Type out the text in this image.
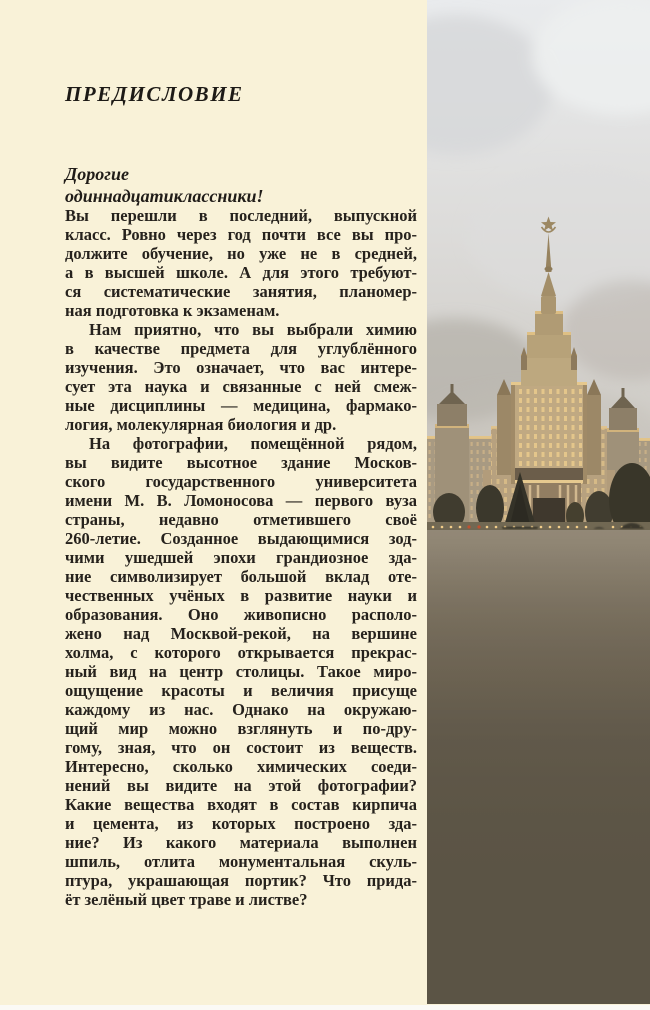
ПРЕДИСЛОВИЕ
Дорогие
одиннадцатиклассники!
Вы перешли в последний, выпускной
класс. Ровно через год почти все вы про-
должите обучение, но уже не в средней,
а в высшей школе. А для этого требуют-
ся систематические занятия, планомер-
ная подготовка к экзаменам.
Нам приятно, что вы выбрали химию
в качестве предмета для углублённого
изучения. Это означает, что вас интере-
сует эта наука и связанные с ней смеж-
ные дисциплины — медицина, фармако-
логия, молекулярная биология и др.
На фотографии, помещённой рядом,
вы видите высотное здание Москов-
ского государственного университета
имени М. В. Ломоносова — первого вуза
страны, недавно отметившего своё
260-летие. Созданное выдающимися зод-
чими ушедшей эпохи грандиозное зда-
ние символизирует большой вклад оте-
чественных учёных в развитие науки и
образования. Оно живописно располо-
жено над Москвой-рекой, на вершине
холма, с которого открывается прекрас-
ный вид на центр столицы. Такое миро-
ощущение красоты и величия присуще
каждому из нас. Однако на окружаю-
щий мир можно взглянуть и по-дру-
гому, зная, что он состоит из веществ.
Интересно, сколько химических соеди-
нений вы видите на этой фотографии?
Какие вещества входят в состав кирпича
и цемента, из которых построено зда-
ние? Из какого материала выполнен
шпиль, отлита монументальная скуль-
птура, украшающая портик? Что прида-
ёт зелёный цвет траве и листве?
